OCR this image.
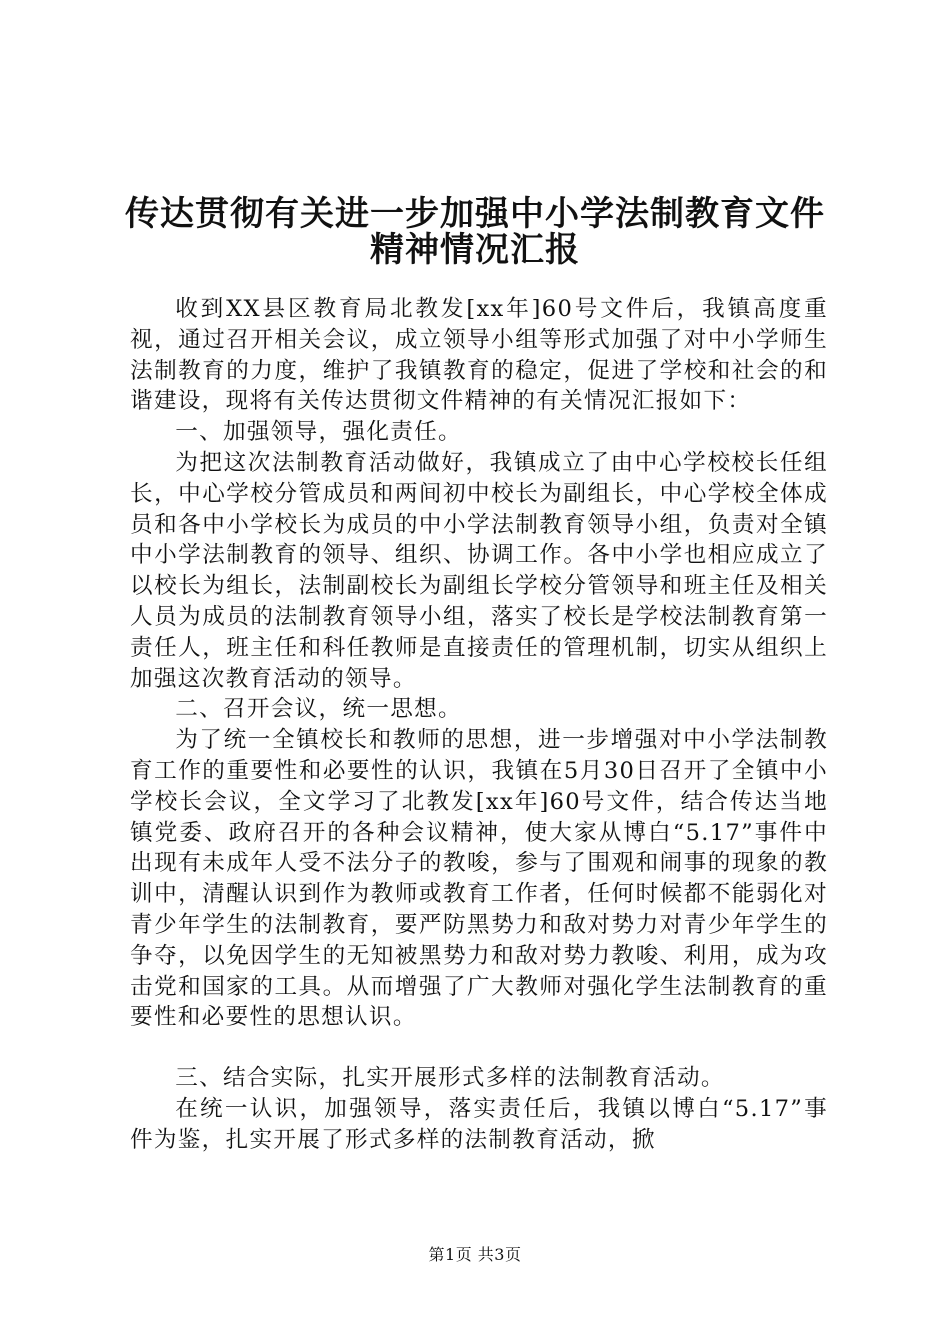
传达贯彻有关进一步加强中小学法制教育文件
精神情况汇报

收到XX县区教育局北教发[xx年]60号文件后，我镇高度重视，通过召开相关会议，成立领导小组等形式加强了对中小学师生法制教育的力度，维护了我镇教育的稳定，促进了学校和社会的和谐建设，现将有关传达贯彻文件精神的有关情况汇报如下：

一、加强领导，强化责任。

为把这次法制教育活动做好，我镇成立了由中心学校校长任组长，中心学校分管成员和两间初中校长为副组长，中心学校全体成员和各中小学校长为成员的中小学法制教育领导小组，负责对全镇中小学法制教育的领导、组织、协调工作。各中小学也相应成立了以校长为组长，法制副校长为副组长学校分管领导和班主任及相关人员为成员的法制教育领导小组，落实了校长是学校法制教育第一责任人，班主任和科任教师是直接责任的管理机制，切实从组织上加强这次教育活动的领导。

二、召开会议，统一思想。

为了统一全镇校长和教师的思想，进一步增强对中小学法制教育工作的重要性和必要性的认识，我镇在5月30日召开了全镇中小学校长会议，全文学习了北教发[xx年]60号文件，结合传达当地镇党委、政府召开的各种会议精神，使大家从博白“5.17”事件中出现有未成年人受不法分子的教唆，参与了围观和闹事的现象的教训中，清醒认识到作为教师或教育工作者，任何时候都不能弱化对青少年学生的法制教育，要严防黑势力和敌对势力对青少年学生的争夺，以免因学生的无知被黑势力和敌对势力教唆、利用，成为攻击党和国家的工具。从而增强了广大教师对强化学生法制教育的重要性和必要性的思想认识。

三、结合实际，扎实开展形式多样的法制教育活动。

在统一认识，加强领导，落实责任后，我镇以博白“5.17”事件为鉴，扎实开展了形式多样的法制教育活动，掀

第1页 共3页
